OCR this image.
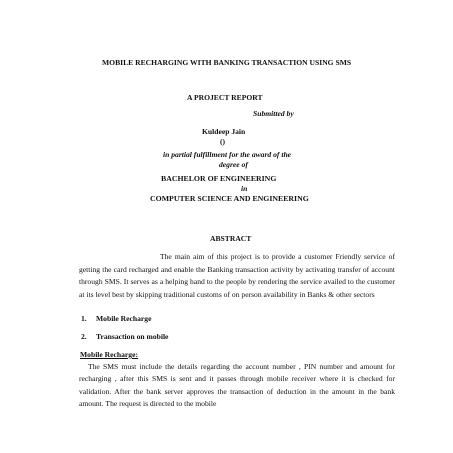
MOBILE RECHARGING WITH BANKING TRANSACTION USING SMS
A PROJECT REPORT
Submitted by
Kuldeep Jain
()
in partial fulfillment for the award of the
degree of
BACHELOR OF ENGINEERING
in
COMPUTER SCIENCE AND ENGINEERING
ABSTRACT
The main aim of this project is to provide a customer Friendly service of getting the card recharged and enable the Banking transaction activity by activating transfer of account through SMS. It serves as a helping hand to the people by rendering the service availed to the customer at its level best by skipping traditional customs of on person availability in Banks & other sectors
1. Mobile Recharge
2. Transaction on mobile
Mobile Recharge:
The SMS must include the details regarding the account number , PIN number and amount for recharging , after this SMS is sent and it passes through mobile receiver where it is checked for validation. After the bank server approves the transaction of deduction in the amount in the bank amount. The request is directed to the mobile
